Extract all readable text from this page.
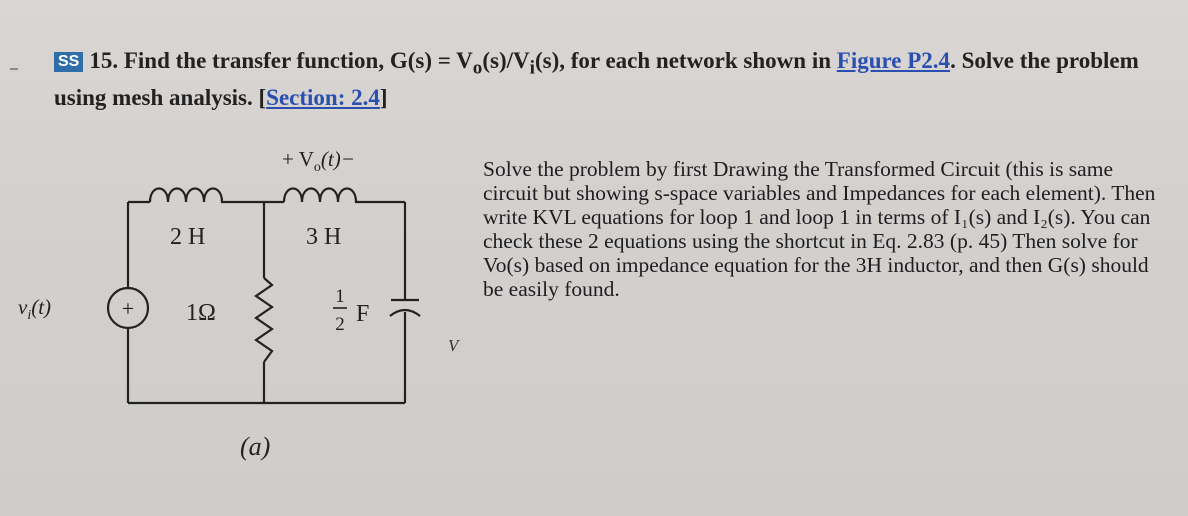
SS 15. Find the transfer function, $G(s) = V_o(s)/V_i(s)$, for each network shown in Figure P2.4. Solve the problem using mesh analysis. [Section: 2.4]
+
+ $V_o(t)-$
$v_i(t)$
2 H	3 H
1Ω
1
2 F
(a)
V
Solve the problem by first Drawing the Transformed Circuit (this is same circuit but showing s-space variables and Impedances for each element). Then write KVL equations for loop 1 and loop 1 in terms of I₁(s) and I₂(s). You can check these 2 equations using the shortcut in Eq. 2.83 (p. 45) Then solve for Vo(s) based on impedance equation for the 3H inductor, and then G(s) should be easily found.
